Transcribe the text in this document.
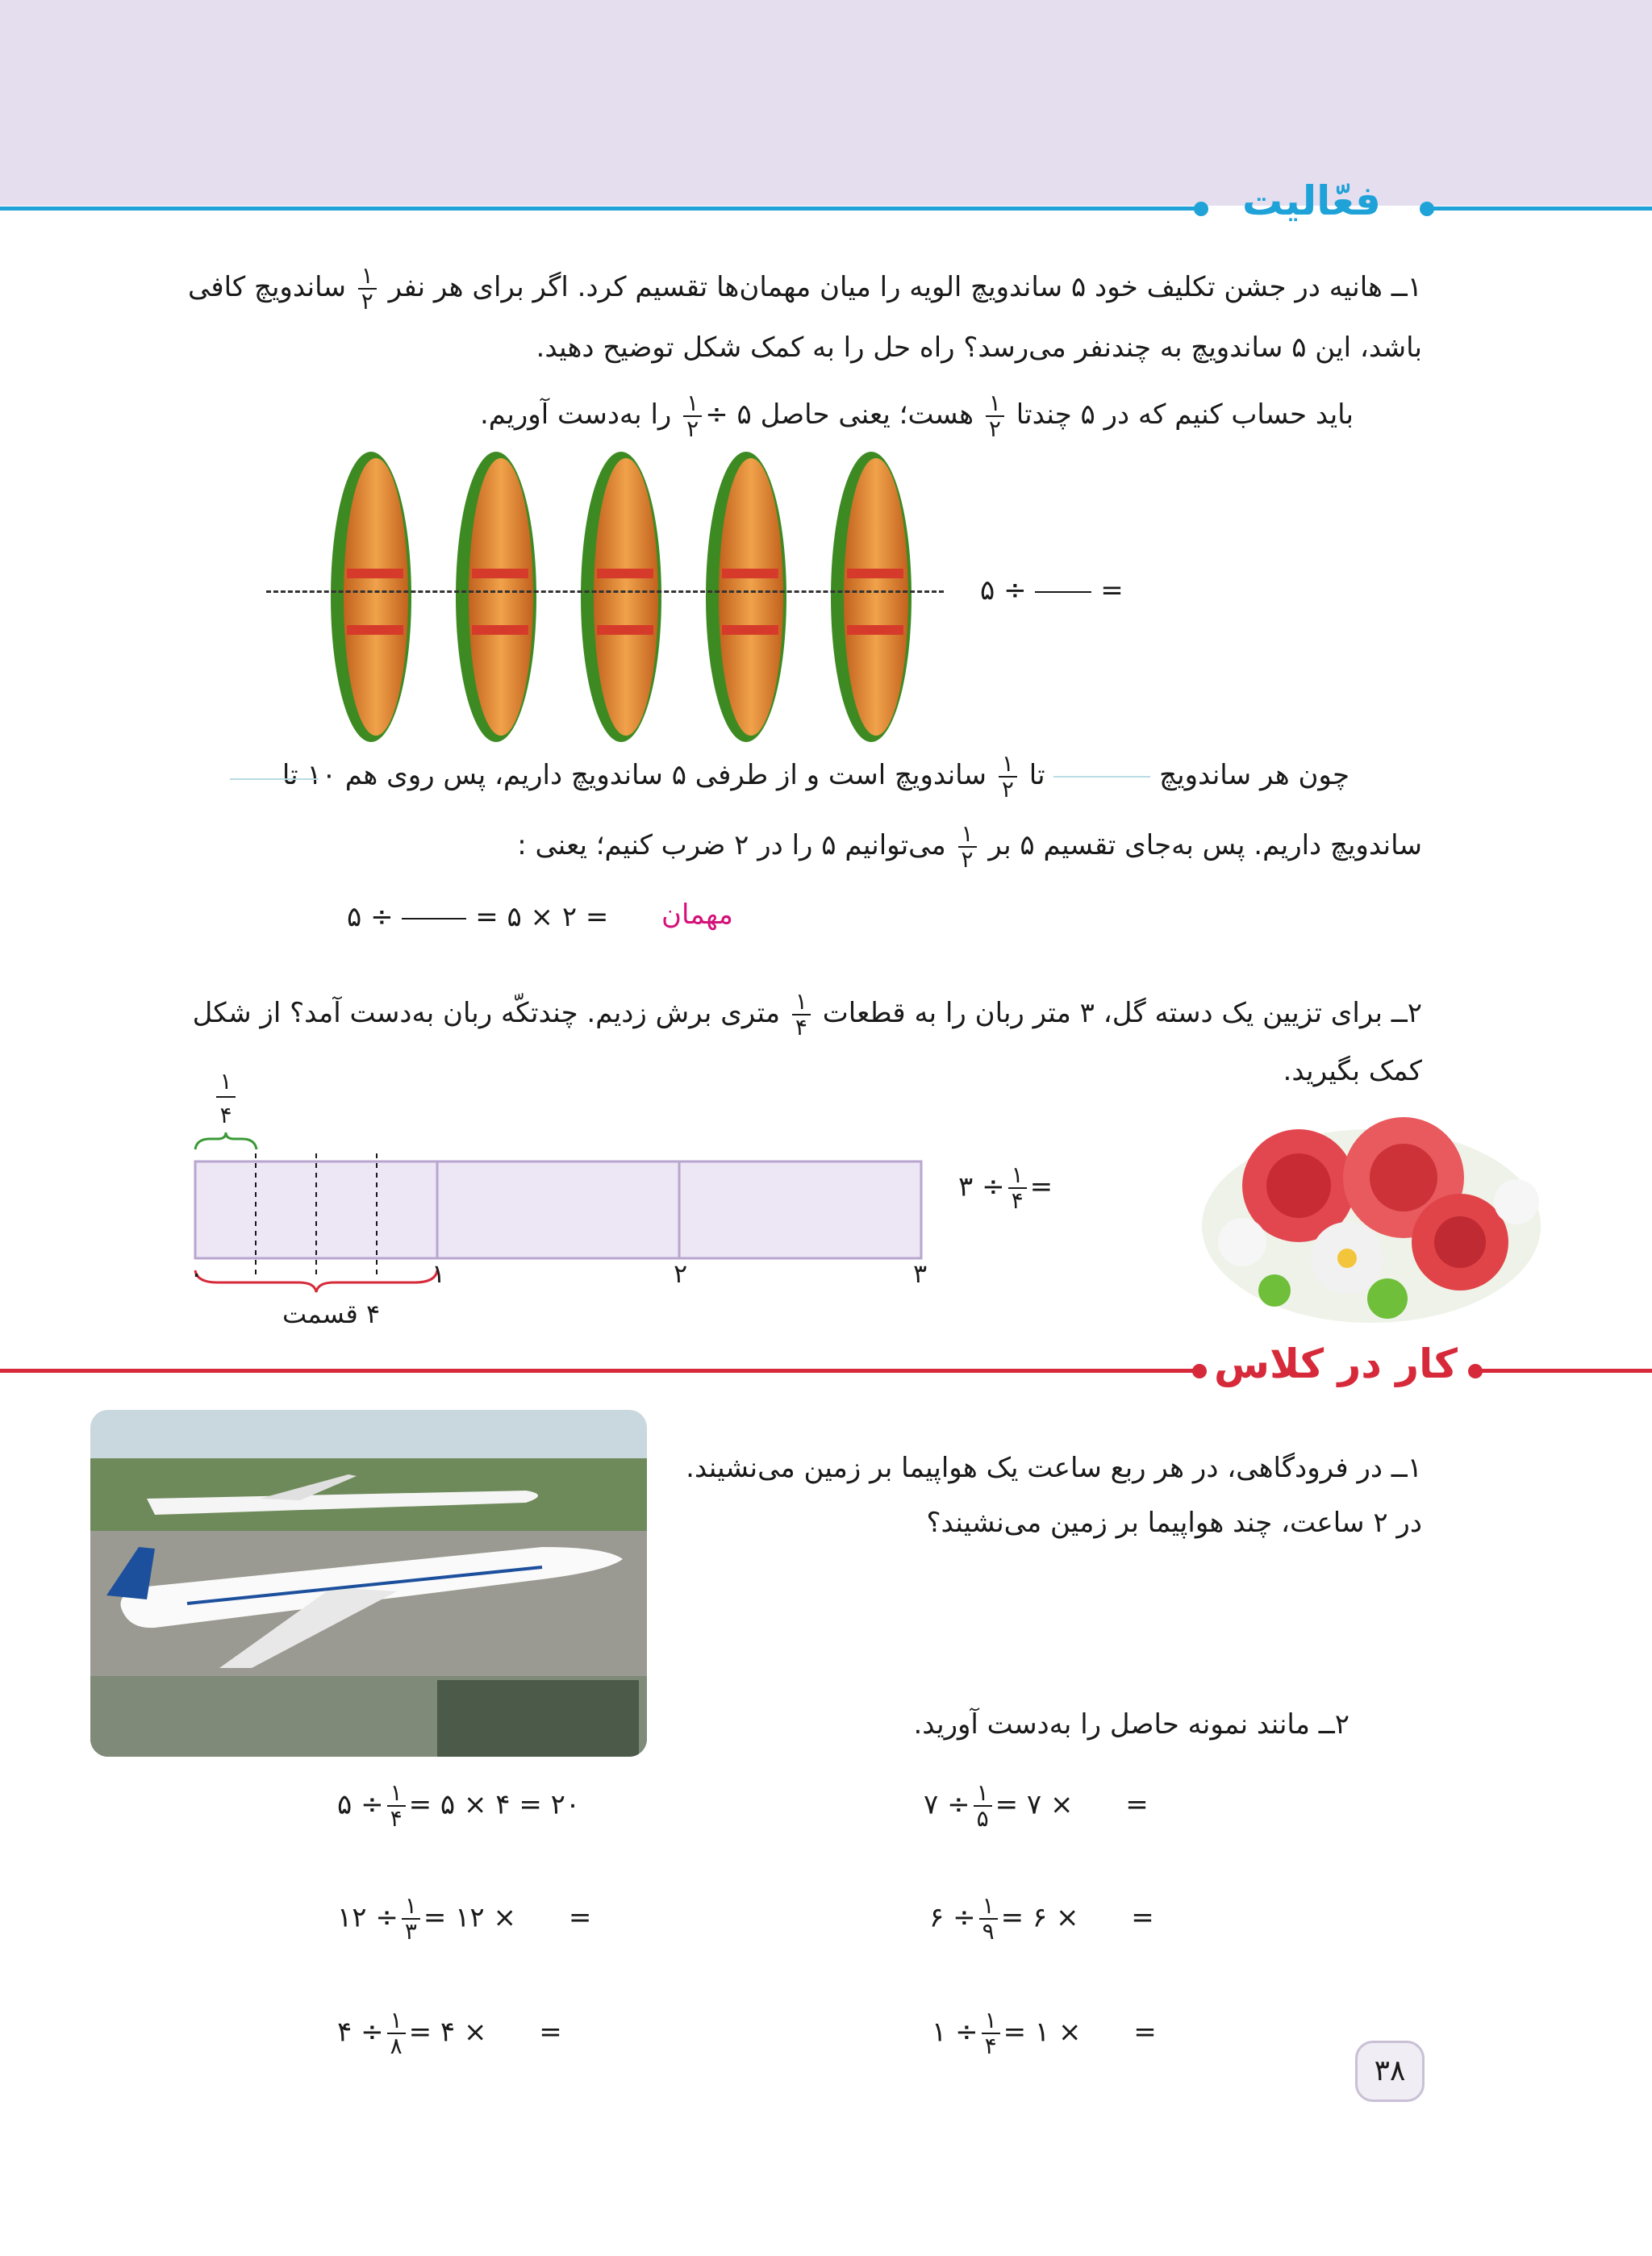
فعّالیت
۱ــ هانیه در جشن تکلیف خود ۵ ساندویچ الویه را میان مهمان‌ها تقسیم کرد. اگر برای هر نفر
$\frac{۱}{۲}$
ساندویچ کافی
باشد، این ۵ ساندویچ به چندنفر می‌رسد؟ راه حل را به کمک شکل توضیح دهید.
باید حساب کنیم که در ۵ چندتا
$\frac{۱}{۲}$
هست؛ یعنی حاصل ۵ ÷
$\frac{۱}{۲}$
را به‌دست آوریم.
۵ ÷  =
چون هر ساندویچ  تا
$\frac{۱}{۲}$
ساندویچ است و از طرفی ۵ ساندویچ داریم، پس روی هم ۱۰ تا
ساندویچ داریم. پس به‌جای تقسیم ۵ بر
$\frac{۱}{۲}$
می‌توانیم ۵ را در ۲ ضرب کنیم؛ یعنی :
۵ ÷	= ۵ × ۲ = مهمان
۲ــ برای تزیین یک دسته گل، ۳ متر ربان را به قطعات
$\frac{۱}{۴}$
متری برش زدیم. چندتکّه ربان به‌دست آمد؟ از شکل
کمک بگیرید.
۱
۴
۰	۱	۲	۳
۴ قسمت
۳ ÷ $\frac{۱}{۴}$ =
کار در کلاس
۱ــ در فرودگاهی، در هر ربع ساعت یک هواپیما بر زمین می‌نشیند.
در ۲ ساعت، چند هواپیما بر زمین می‌نشیند؟
۲ــ مانند نمونه حاصل را به‌دست آورید.
۵ ÷ $\frac{۱}{۴}$ = ۵ × ۴ = ۲۰	۷ ÷ $\frac{۱}{۵}$ = ۷ ×      =
۱۲ ÷ $\frac{۱}{۳}$ = ۱۲ ×      =	۶ ÷ $\frac{۱}{۹}$ = ۶ ×      =
۴ ÷ $\frac{۱}{۸}$ = ۴ ×      =	۱ ÷ $\frac{۱}{۴}$ = ۱ ×      =
۳۸
